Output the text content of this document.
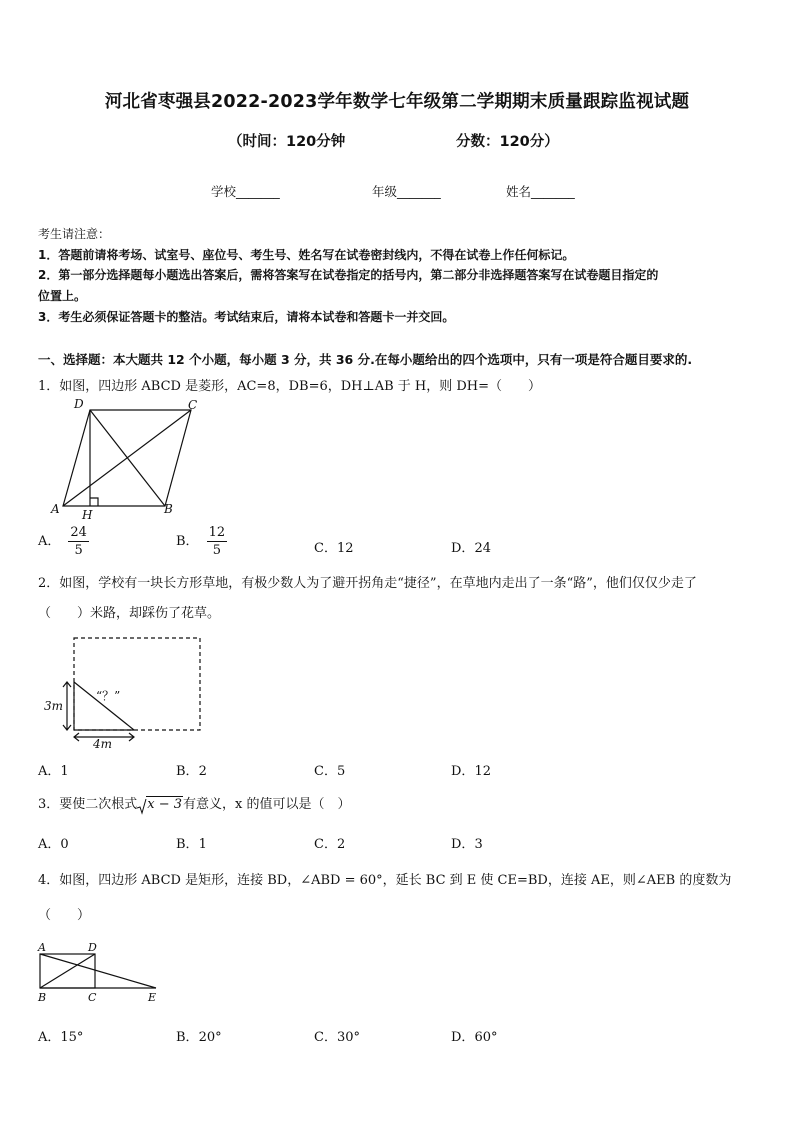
河北省枣强县2022-2023学年数学七年级第二学期期末质量跟踪监视试题
（时间：120分钟	分数：120分）
学校_______	年级_______	姓名_______
考生请注意：
1．答题前请将考场、试室号、座位号、考生号、姓名写在试卷密封线内，不得在试卷上作任何标记。
2．第一部分选择题每小题选出答案后，需将答案写在试卷指定的括号内，第二部分非选择题答案写在试卷题目指定的
位置上。
3．考生必须保证答题卡的整洁。考试结束后，请将本试卷和答题卡一并交回。
一、选择题：本大题共 12 个小题，每小题 3 分，共 36 分.在每小题给出的四个选项中，只有一项是符合题目要求的.
1．如图，四边形 ABCD 是菱形，AC=8，DB=6，DH⊥AB 于 H，则 DH=（　　）
D	C
A H	B
A． $\frac{24}{5}$	B． $\frac{12}{5}$	C．12	D．24
2．如图，学校有一块长方形草地，有极少数人为了避开拐角走“捷径”，在草地内走出了一条“路”，他们仅仅少走了
（　　）米路，却踩伤了花草。
“？”
3m
4m
A．1	B．2	C．5	D．12
3．要使二次根式 x − 3有意义，x 的值可以是（　）
A．0	B．1	C．2	D．3
4．如图，四边形 ABCD 是矩形，连接 BD，∠ABD = 60°，延长 BC 到 E 使 CE=BD，连接 AE，则∠AEB 的度数为
（　　）
A	D
B	C	E
A．15°	B．20°	C．30°	D．60°
